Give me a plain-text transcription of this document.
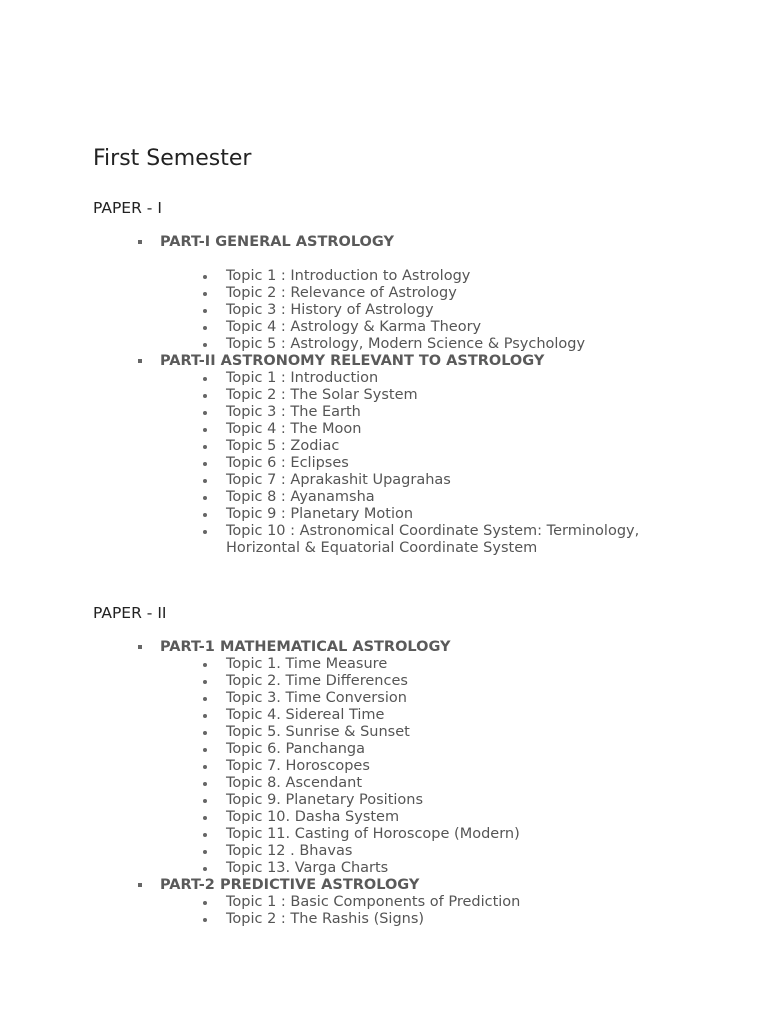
First Semester
PAPER - I
PART-I GENERAL ASTROLOGY
Topic 1 : Introduction to Astrology
Topic 2 : Relevance of Astrology
Topic 3 : History of Astrology
Topic 4 : Astrology & Karma Theory
Topic 5 : Astrology, Modern Science & Psychology
PART-II ASTRONOMY RELEVANT TO ASTROLOGY
Topic 1 : Introduction
Topic 2 : The Solar System
Topic 3 : The Earth
Topic 4 : The Moon
Topic 5 : Zodiac
Topic 6 : Eclipses
Topic 7 : Aprakashit Upagrahas
Topic 8 : Ayanamsha
Topic 9 : Planetary Motion
Topic 10 : Astronomical Coordinate System: Terminology, Horizontal & Equatorial Coordinate System
PAPER - II
PART-1 MATHEMATICAL ASTROLOGY
Topic 1. Time Measure
Topic 2. Time Differences
Topic 3. Time Conversion
Topic 4. Sidereal Time
Topic 5. Sunrise & Sunset
Topic 6. Panchanga
Topic 7. Horoscopes
Topic 8. Ascendant
Topic 9. Planetary Positions
Topic 10. Dasha System
Topic 11. Casting of Horoscope (Modern)
Topic 12 . Bhavas
Topic 13. Varga Charts
PART-2 PREDICTIVE ASTROLOGY
Topic 1 : Basic Components of Prediction
Topic 2 : The Rashis (Signs)
